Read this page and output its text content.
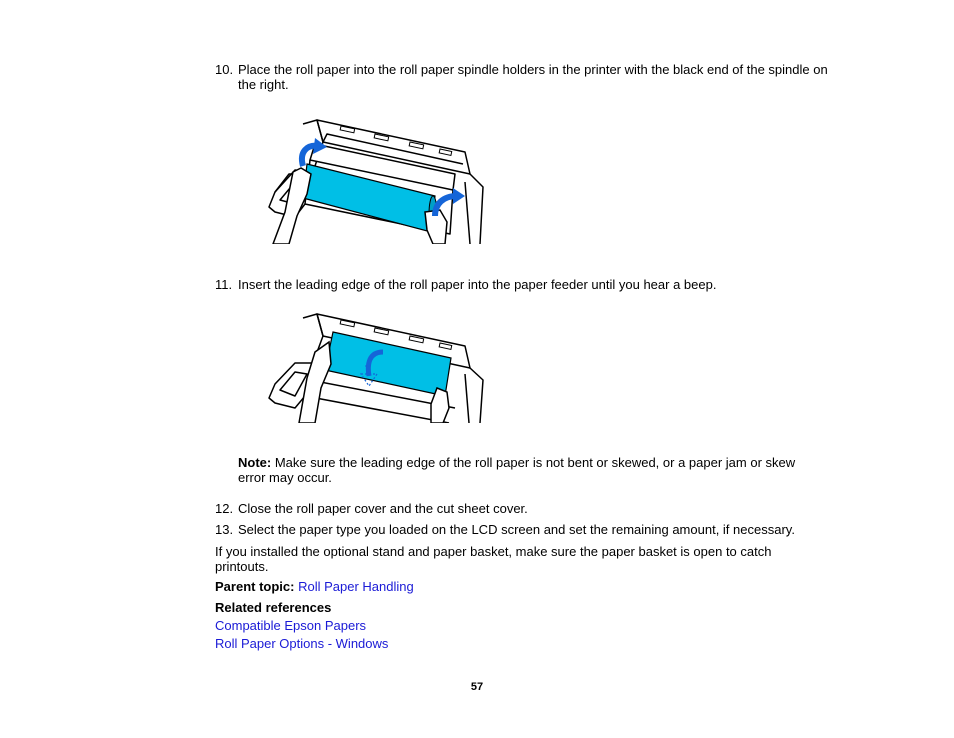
10. Place the roll paper into the roll paper spindle holders in the printer with the black end of the spindle on the right.
11. Insert the leading edge of the roll paper into the paper feeder until you hear a beep.
Note: Make sure the leading edge of the roll paper is not bent or skewed, or a paper jam or skew error may occur.
12. Close the roll paper cover and the cut sheet cover.
13. Select the paper type you loaded on the LCD screen and set the remaining amount, if necessary.
If you installed the optional stand and paper basket, make sure the paper basket is open to catch printouts.
Parent topic: Roll Paper Handling
Related references
Compatible Epson Papers
Roll Paper Options - Windows
57
